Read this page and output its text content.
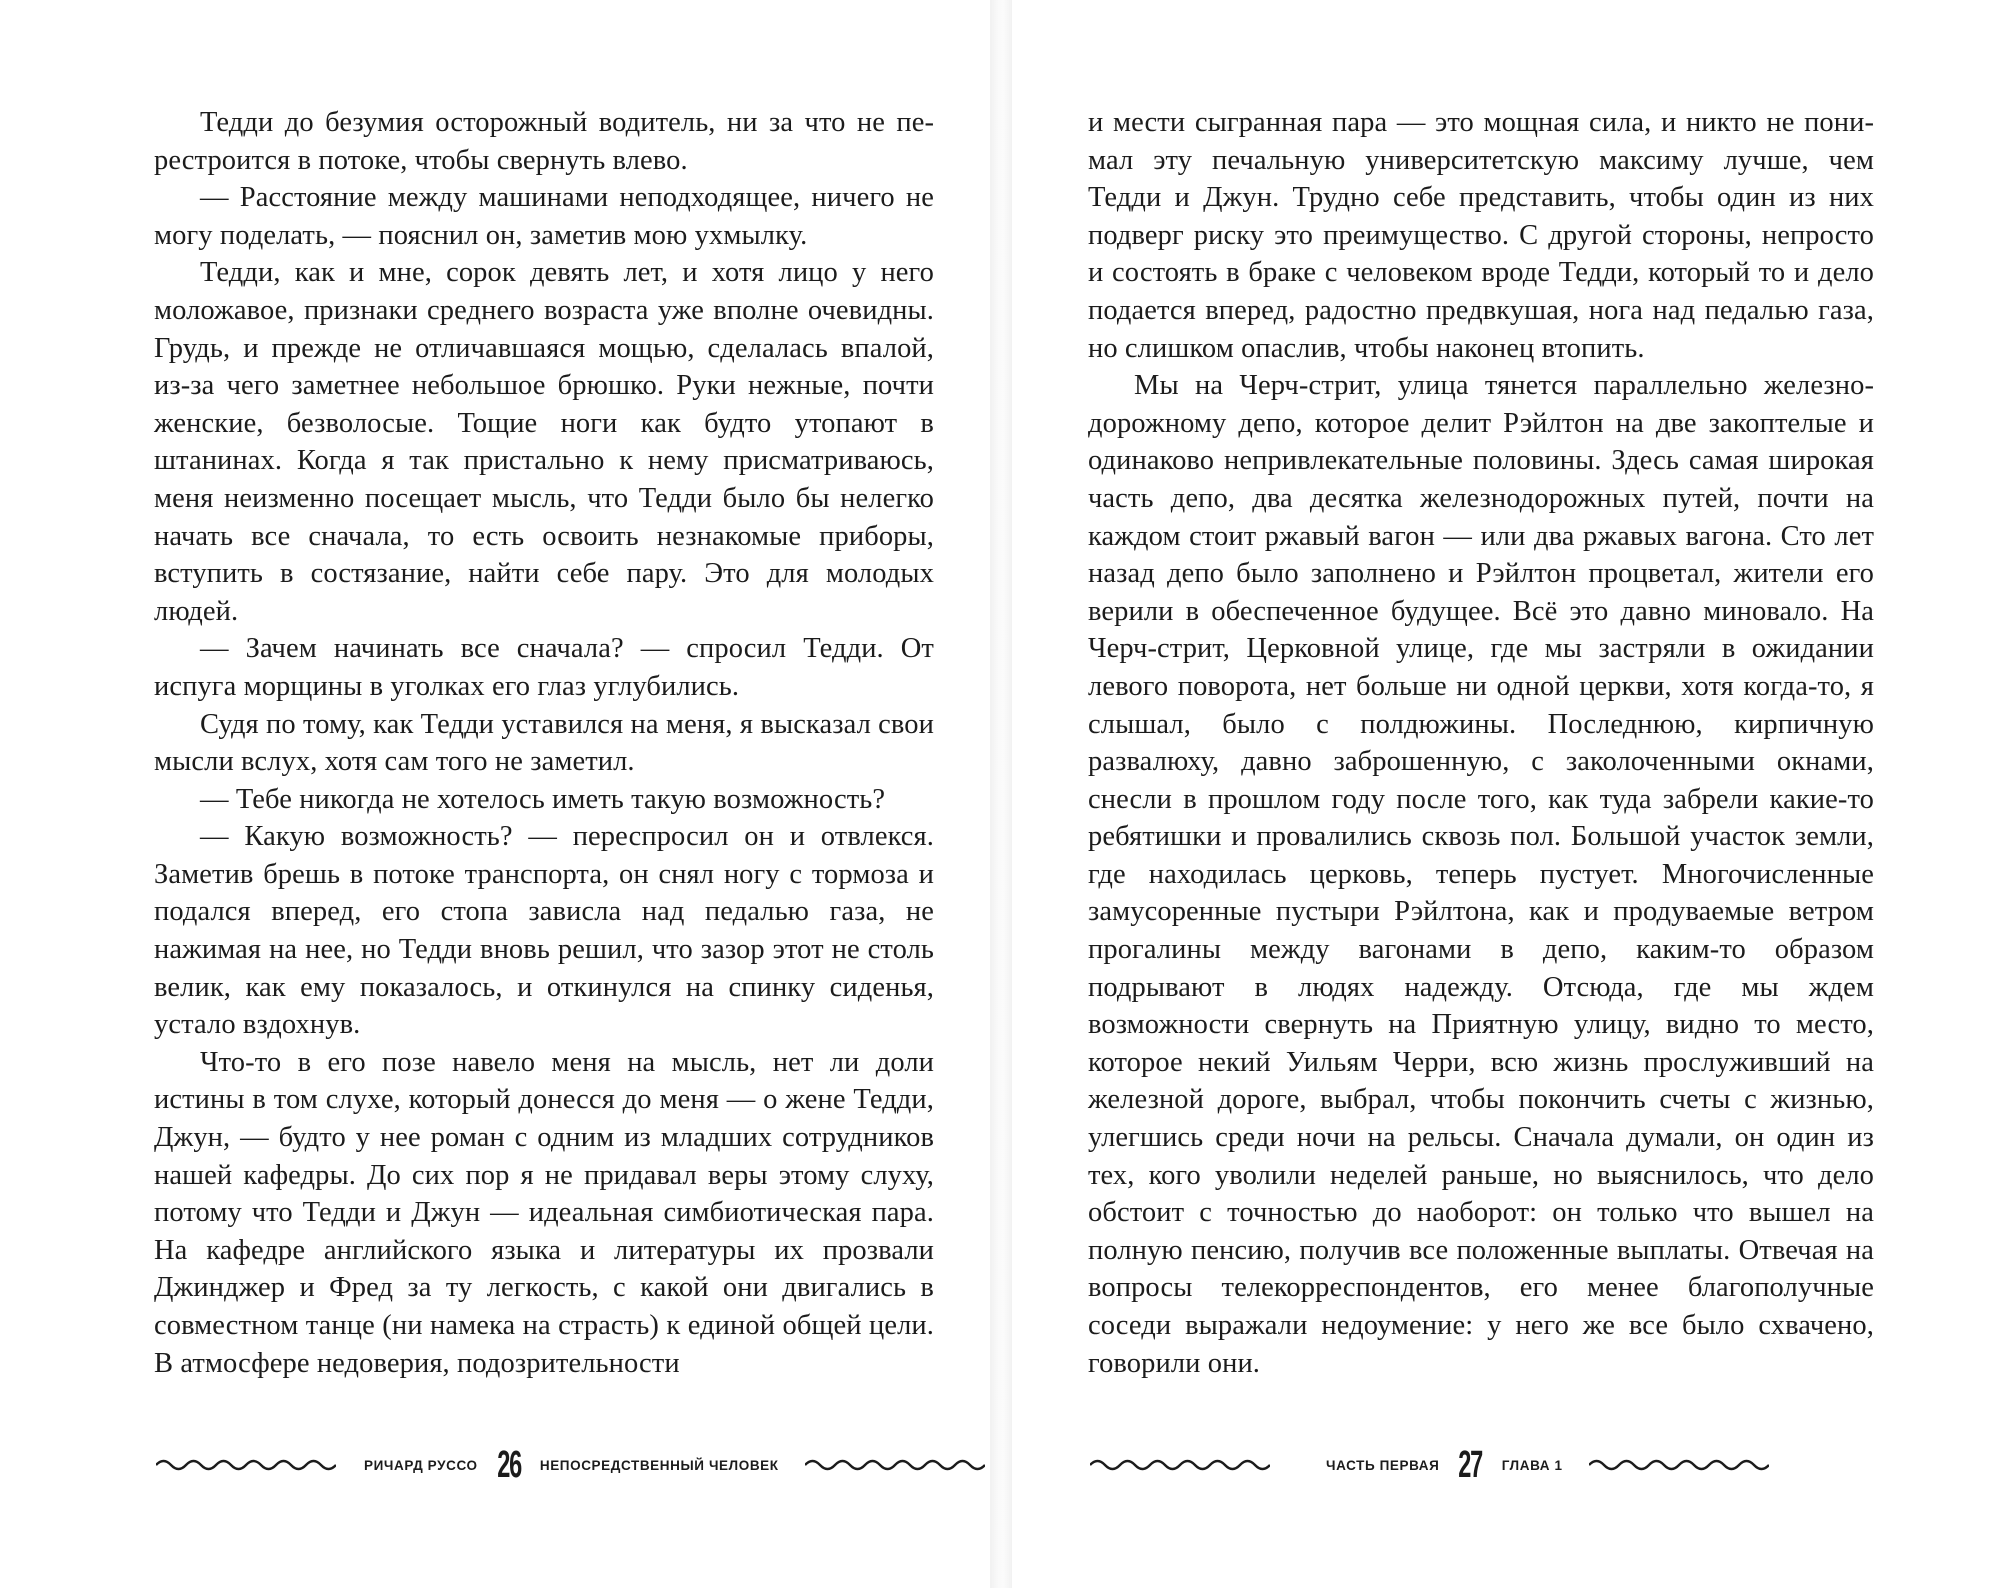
Тедди до безумия осторожный водитель, ни за что не перестроится в потоке, чтобы свернуть влево.

— Расстояние между машинами неподходящее, ничего не могу поделать, — пояснил он, заметив мою ухмылку.

Тедди, как и мне, сорок девять лет, и хотя лицо у него моложавое, признаки среднего возраста уже вполне очевидны. Грудь, и прежде не отличавшаяся мощью, сделалась впалой, из-за чего заметнее небольшое брюшко. Руки нежные, почти женские, безволосые. Тощие ноги как будто утопают в штанинах. Когда я так пристально к нему присматриваюсь, меня неизменно посещает мысль, что Тедди было бы нелегко начать все сначала, то есть освоить незнакомые приборы, вступить в состязание, найти себе пару. Это для молодых людей.

— Зачем начинать все сначала? — спросил Тедди. От испуга морщины в уголках его глаз углубились.

Судя по тому, как Тедди уставился на меня, я высказал свои мысли вслух, хотя сам того не заметил.

— Тебе никогда не хотелось иметь такую возможность?

— Какую возможность? — переспросил он и отвлекся. Заметив брешь в потоке транспорта, он снял ногу с тормоза и подался вперед, его стопа зависла над педалью газа, не нажимая на нее, но Тедди вновь решил, что зазор этот не столь велик, как ему показалось, и откинулся на спинку сиденья, устало вздохнув.

Что-то в его позе навело меня на мысль, нет ли доли истины в том слухе, который донесся до меня — о жене Тедди, Джун, — будто у нее роман с одним из младших сотрудников нашей кафедры. До сих пор я не придавал веры этому слуху, потому что Тедди и Джун — идеальная симбиотическая пара. На кафедре английского языка и литературы их прозвали Джинджер и Фред за ту легкость, с какой они двигались в совместном танце (ни намека на страсть) к единой общей цели. В атмосфере недоверия, подозрительности

РИЧАРД РУССО 26 НЕПОСРЕДСТВЕННЫЙ ЧЕЛОВЕК

и мести сыгранная пара — это мощная сила, и никто не понимал эту печальную университетскую максиму лучше, чем Тедди и Джун. Трудно себе представить, чтобы один из них подверг риску это преимущество. С другой стороны, непросто и состоять в браке с человеком вроде Тедди, который то и дело подается вперед, радостно предвкушая, нога над педалью газа, но слишком опаслив, чтобы наконец втопить.

Мы на Черч-стрит, улица тянется параллельно железнодорожному депо, которое делит Рэйлтон на две закоптелые и одинаково непривлекательные половины. Здесь самая широкая часть депо, два десятка железнодорожных путей, почти на каждом стоит ржавый вагон — или два ржавых вагона. Сто лет назад депо было заполнено и Рэйлтон процветал, жители его верили в обеспеченное будущее. Всё это давно миновало. На Черч-стрит, Церковной улице, где мы застряли в ожидании левого поворота, нет больше ни одной церкви, хотя когда-то, я слышал, было с полдюжины. Последнюю, кирпичную развалюху, давно заброшенную, с заколоченными окнами, снесли в прошлом году после того, как туда забрели какие-то ребятишки и провалились сквозь пол. Большой участок земли, где находилась церковь, теперь пустует. Многочисленные замусоренные пустыри Рэйлтона, как и продуваемые ветром прогалины между вагонами в депо, каким-то образом подрывают в людях надежду. Отсюда, где мы ждем возможности свернуть на Приятную улицу, видно то место, которое некий Уильям Черри, всю жизнь прослуживший на железной дороге, выбрал, чтобы покончить счеты с жизнью, улегшись среди ночи на рельсы. Сначала думали, он один из тех, кого уволили неделей раньше, но выяснилось, что дело обстоит с точностью до наоборот: он только что вышел на полную пенсию, получив все положенные выплаты. Отвечая на вопросы телекорреспондентов, его менее благополучные соседи выражали недоумение: у него же все было схвачено, говорили они.

ЧАСТЬ ПЕРВАЯ 27 ГЛАВА 1
